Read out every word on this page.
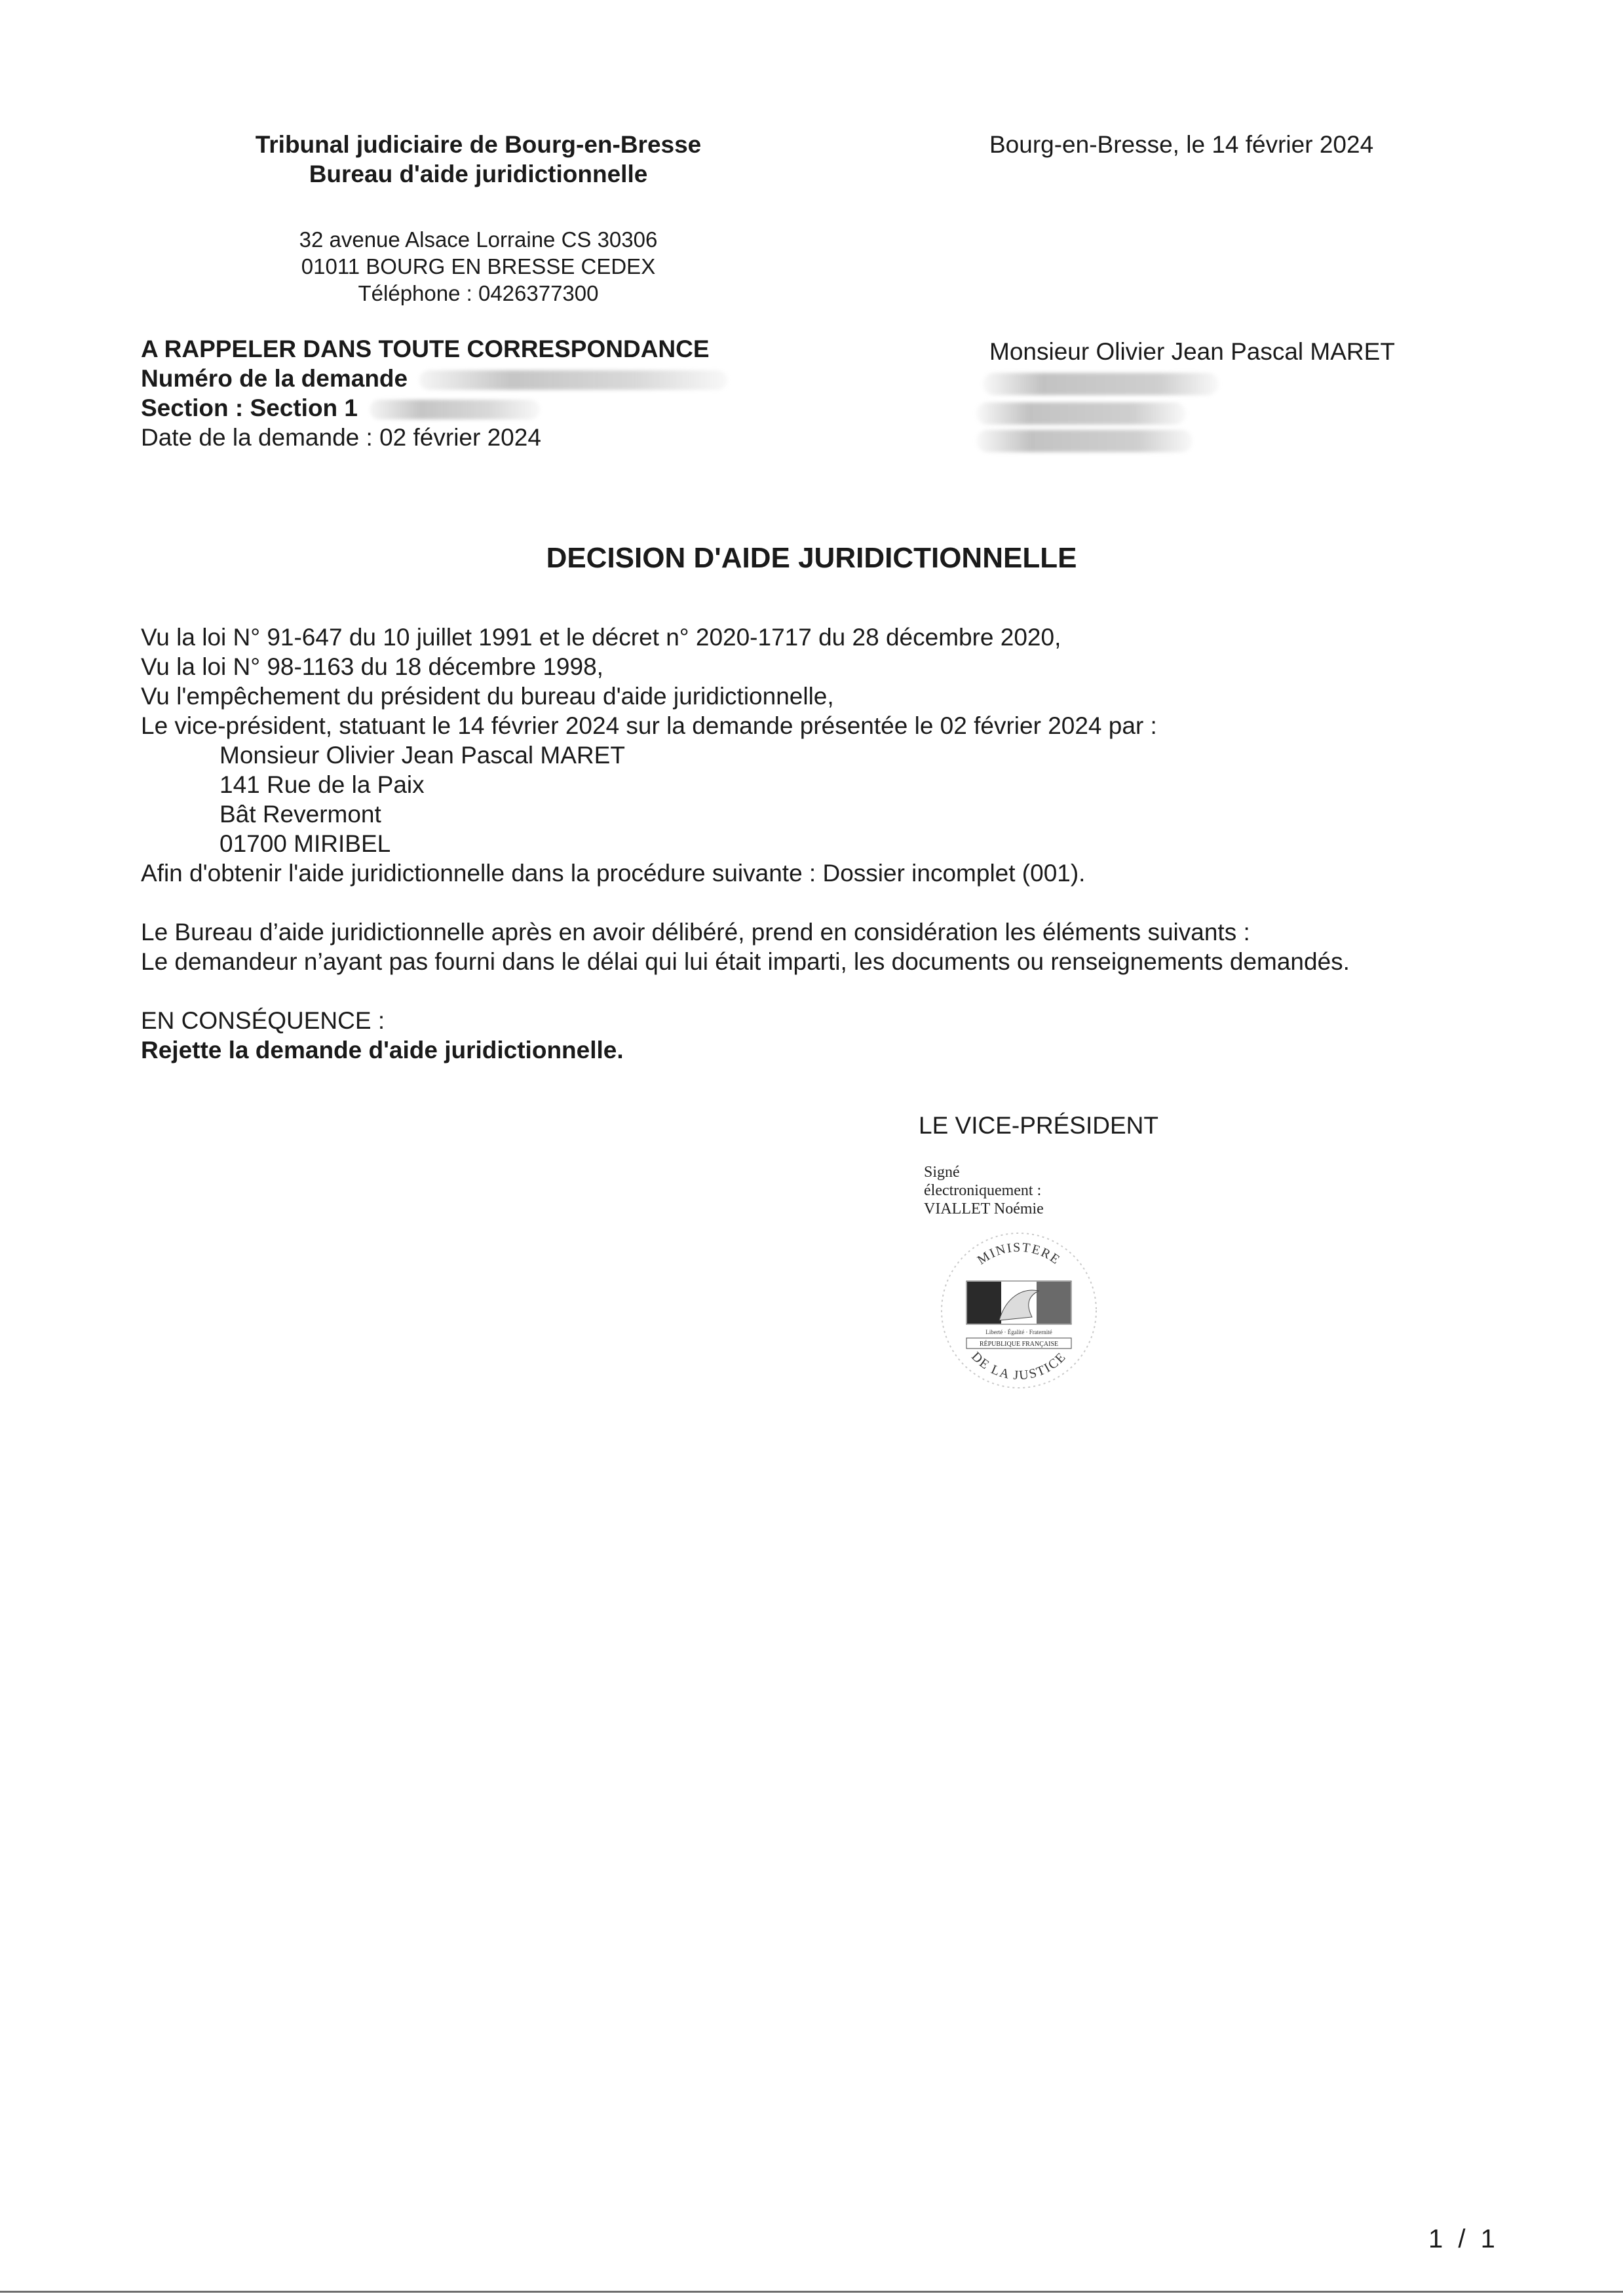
Tribunal judiciaire de Bourg-en-Bresse
Bureau d'aide juridictionnelle
32 avenue Alsace Lorraine CS 30306
01011 BOURG EN BRESSE CEDEX
Téléphone : 0426377300
Bourg-en-Bresse, le 14 février 2024
Monsieur Olivier Jean Pascal MARET
A RAPPELER DANS TOUTE CORRESPONDANCE
Numéro de la demande
Section : Section 1
Date de la demande : 02 février 2024
DECISION D'AIDE JURIDICTIONNELLE
Vu la loi N° 91-647 du 10 juillet 1991 et le décret n° 2020-1717 du 28 décembre 2020,
Vu la loi N° 98-1163 du 18 décembre 1998,
Vu l'empêchement du président du bureau d'aide juridictionnelle,
Le vice-président, statuant le 14 février 2024 sur la demande présentée le 02 février 2024 par :
Monsieur Olivier Jean Pascal MARET
141 Rue de la Paix
Bât Revermont
01700 MIRIBEL
Afin d'obtenir l'aide juridictionnelle dans la procédure suivante : Dossier incomplet (001).
Le Bureau d’aide juridictionnelle après en avoir délibéré, prend en considération les éléments suivants :
Le demandeur n’ayant pas fourni dans le délai qui lui était imparti, les documents ou renseignements demandés.
EN CONSÉQUENCE :
Rejette la demande d'aide juridictionnelle.
LE VICE-PRÉSIDENT
Signé
électroniquement :
VIALLET Noémie
MINISTERE
DE LA JUSTICE
Liberté · Égalité · Fraternité
RÉPUBLIQUE FRANÇAISE
1 / 1
